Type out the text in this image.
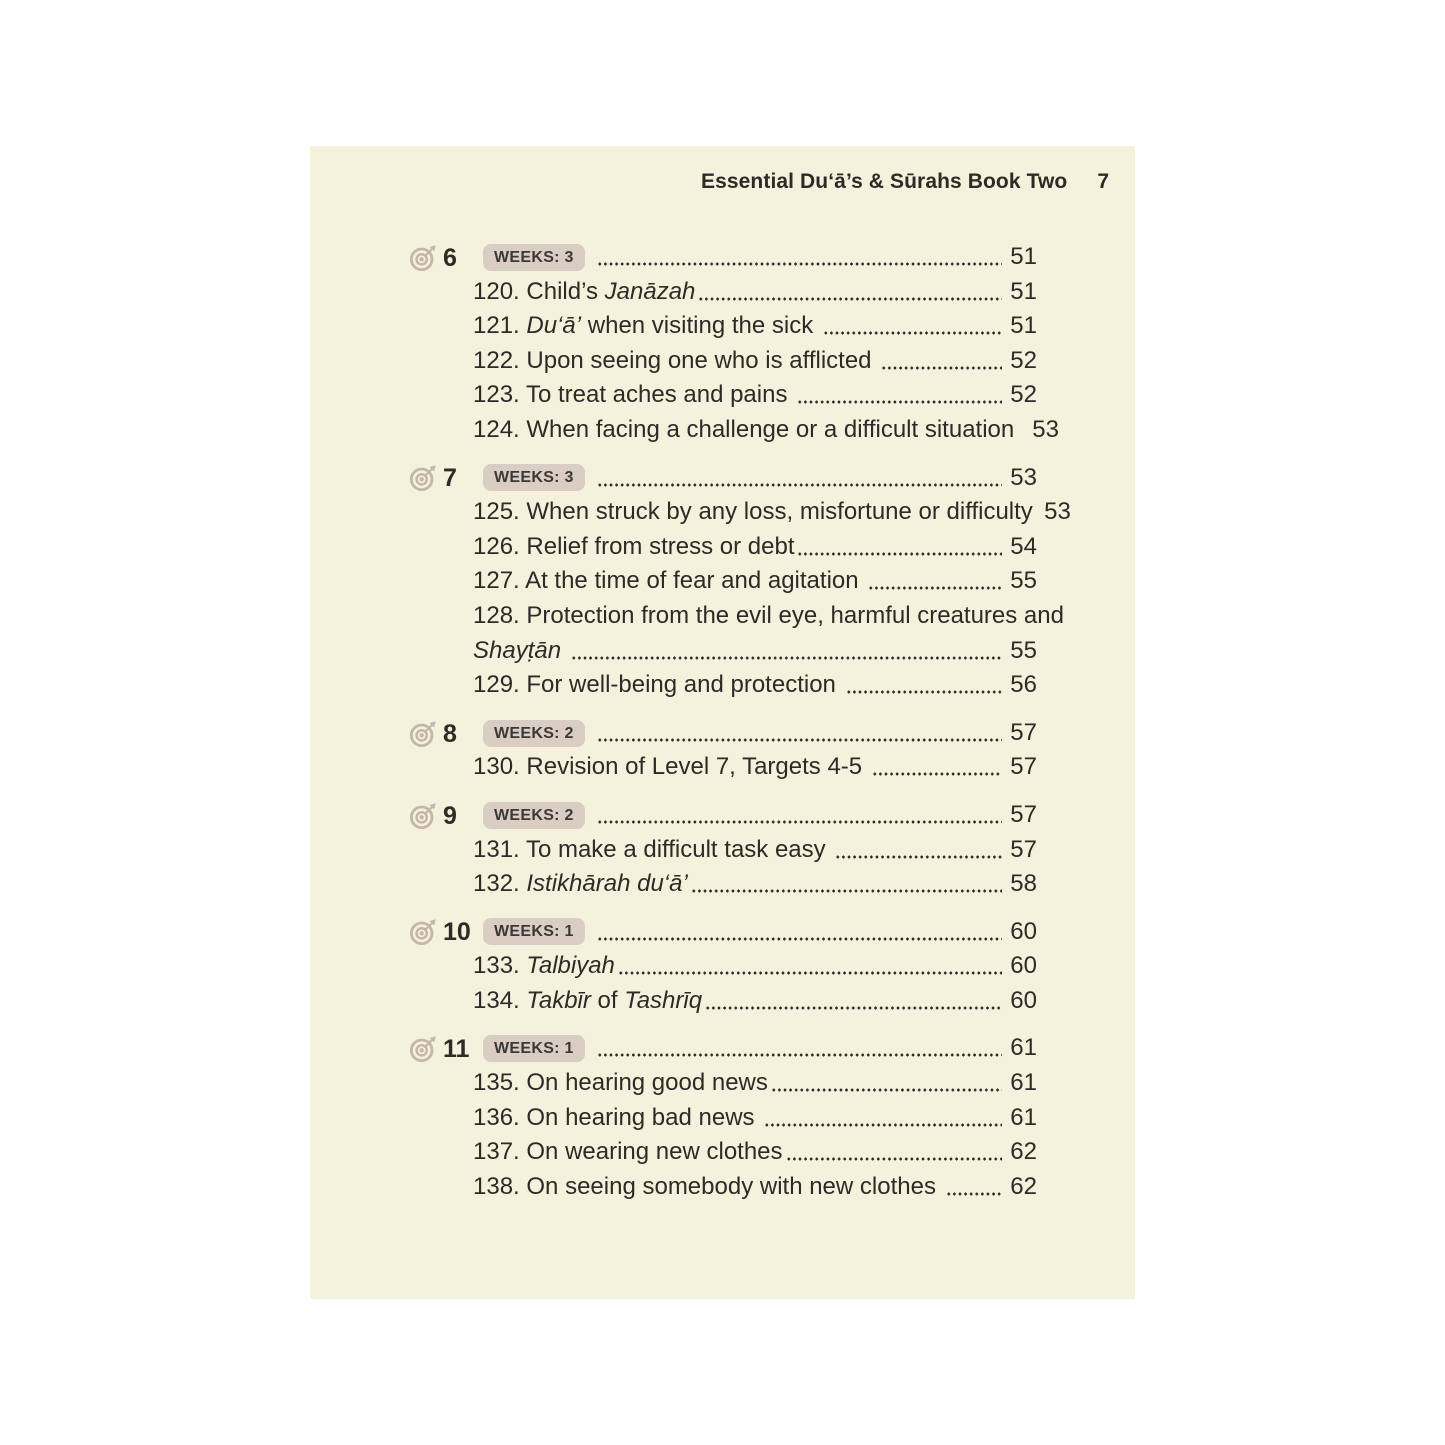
Essential Du‘ā’s & Sūrahs Book Two 7
6	WEEKS: 3	51
120. Child’s Janāzah	51
121. Du‘ā’ when visiting the sick	51
122. Upon seeing one who is afflicted	52
123. To treat aches and pains	52
124. When facing a challenge or a difficult situation 53
7	WEEKS: 3	53
125. When struck by any loss, misfortune or difficulty 53
126. Relief from stress or debt	54
127. At the time of fear and agitation	55
128. Protection from the evil eye, harmful creatures and
Shayṭān	55
129. For well-being and protection	56
8	WEEKS: 2	57
130. Revision of Level 7, Targets 4-5	57
9	WEEKS: 2	57
131. To make a difficult task easy	57
132. Istikhārah du‘ā’	58
10	WEEKS: 1	60
133. Talbiyah	60
134. Takbīr of Tashrīq	60
11	WEEKS: 1	61
135. On hearing good news	61
136. On hearing bad news	61
137. On wearing new clothes	62
138. On seeing somebody with new clothes	62
